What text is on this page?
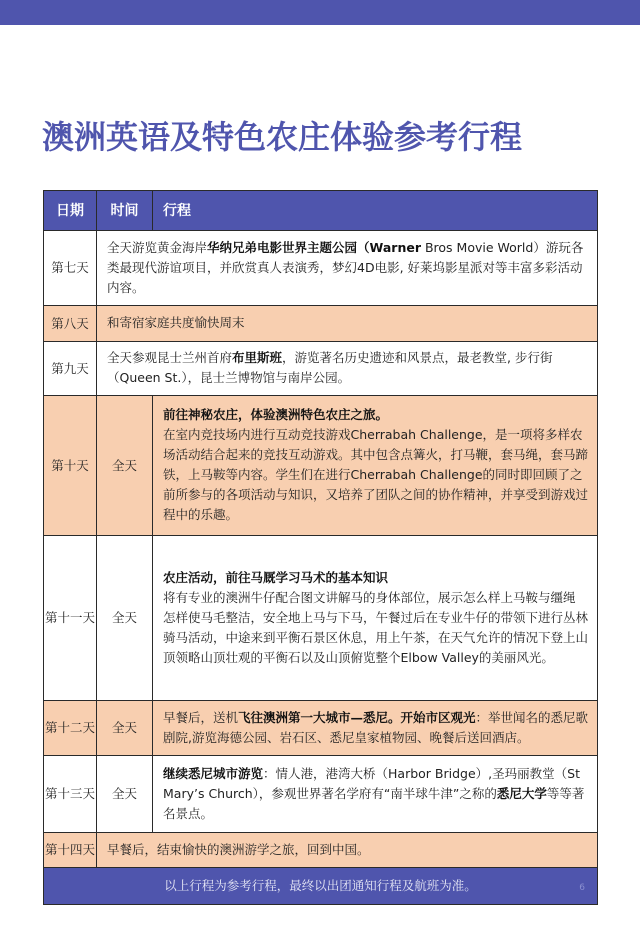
澳洲英语及特色农庄体验参考行程
日期	时间	行程
第七天	全天游览黄金海岸华纳兄弟电影世界主题公园（Warner Bros Movie World）游玩各类最现代游谊项目，并欣赏真人表演秀，梦幻4D电影, 好莱坞影星派对等丰富多彩活动内容。	
第八天	和寄宿家庭共度愉快周末	
第九天	全天参观昆士兰州首府布里斯班，游览著名历史遗迹和风景点，最老教堂, 步行街（Queen St.），昆士兰博物馆与南岸公园。	
第十天	全天	前往神秘农庄，体验澳洲特色农庄之旅。
在室内竞技场内进行互动竞技游戏Cherrabah Challenge，是一项将多样农场活动结合起来的竞技互动游戏。其中包含点篝火，打马鞭，套马绳，套马蹄铁，上马鞍等内容。学生们在进行Cherrabah Challenge的同时即回顾了之前所参与的各项活动与知识，又培养了团队之间的协作精神，并享受到游戏过程中的乐趣。

第十一天	全天	农庄活动，前往马厩学习马术的基本知识
将有专业的澳洲牛仔配合图文讲解马的身体部位，展示怎么样上马鞍与缰绳
怎样使马毛整洁，安全地上马与下马，午餐过后在专业牛仔的带领下进行丛林骑马活动，中途来到平衡石景区休息，用上午茶，在天气允许的情况下登上山顶领略山顶壮观的平衡石以及山顶俯览整个Elbow Valley的美丽风光。

第十二天	全天	早餐后，送机飞往澳洲第一大城市—悉尼。开始市区观光：举世闻名的悉尼歌剧院,游览海德公园、岩石区、悉尼皇家植物园、晚餐后送回酒店。
第十三天	全天	继续悉尼城市游览：情人港，港湾大桥（Harbor Bridge）,圣玛丽教堂（St Mary’s Church），参观世界著名学府有“南半球牛津”之称的悉尼大学等等著名景点。
第十四天	早餐后，结束愉快的澳洲游学之旅，回到中国。	
以上行程为参考行程，最终以出团通知行程及航班为准。 6		
